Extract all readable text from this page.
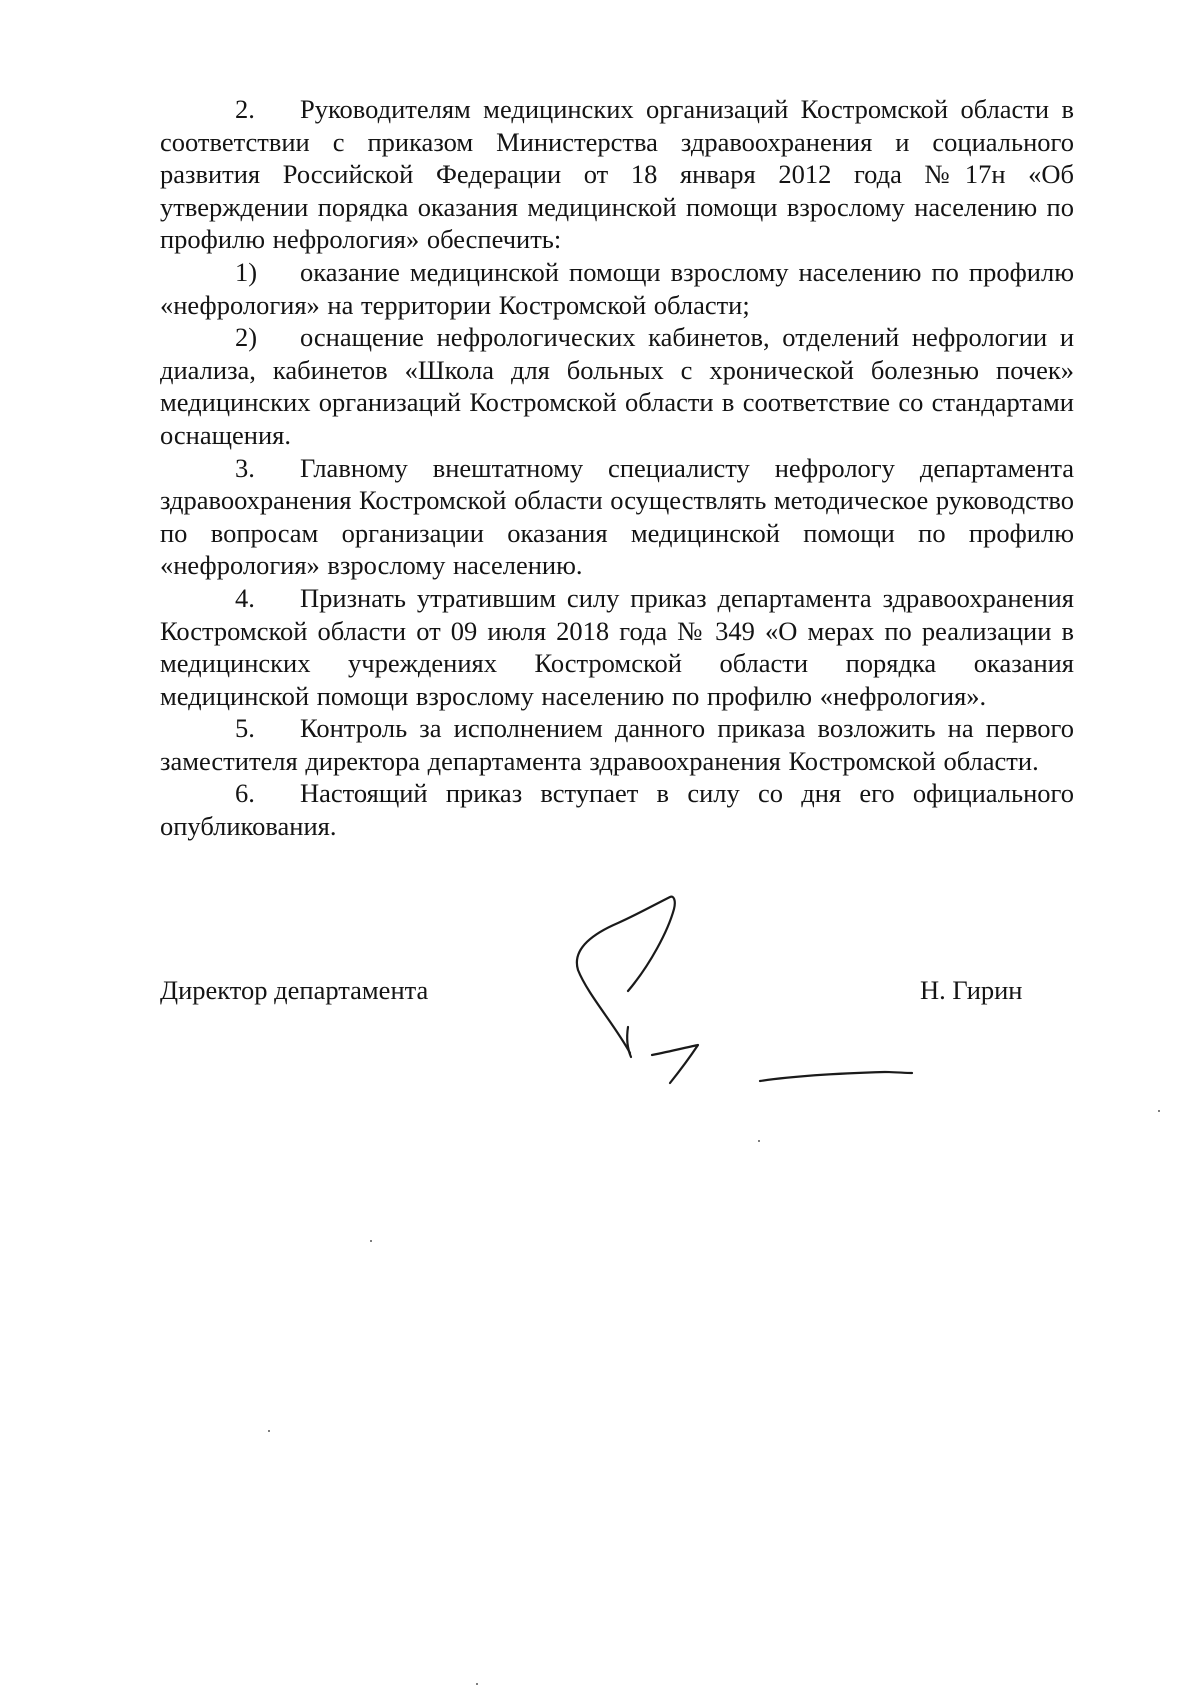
2. Руководителям медицинских организаций Костромской области в соответствии с приказом Министерства здравоохранения и социального развития Российской Федерации от 18 января 2012 года №17н «Об утверждении порядка оказания медицинской помощи взрослому населению по профилю нефрология» обеспечить:

1) оказание медицинской помощи взрослому населению по профилю «нефрология» на территории Костромской области;

2) оснащение нефрологических кабинетов, отделений нефрологии и диализа, кабинетов «Школа для больных с хронической болезнью почек» медицинских организаций Костромской области в соответствие со стандартами оснащения.

3. Главному внештатному специалисту нефрологу департамента здравоохранения Костромской области осуществлять методическое руководство по вопросам организации оказания медицинской помощи по профилю «нефрология» взрослому населению.

4. Признать утратившим силу приказ департамента здравоохранения Костромской области от 09 июля 2018 года № 349 «О мерах по реализации в медицинских учреждениях Костромской области порядка оказания медицинской помощи взрослому населению по профилю «нефрология».

5. Контроль за исполнением данного приказа возложить на первого заместителя директора департамента здравоохранения Костромской области.

6. Настоящий приказ вступает в силу со дня его официального опубликования.

Директор департамента	Н. Гирин
